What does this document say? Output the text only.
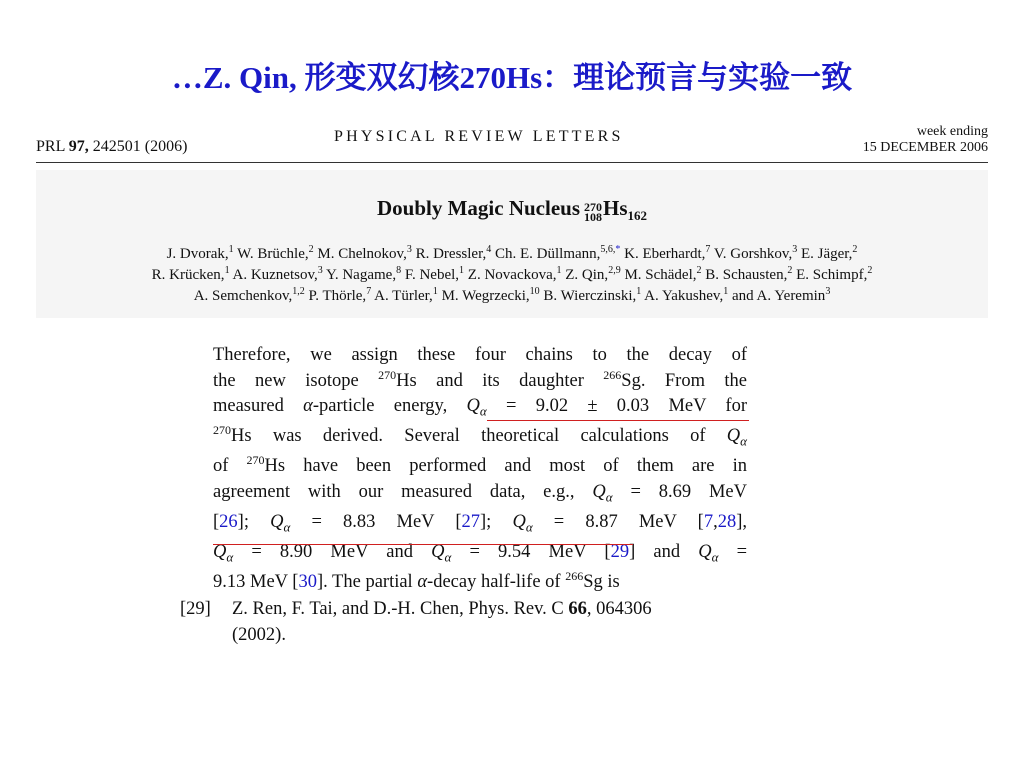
…Z. Qin, 形变双幻核270Hs：理论预言与实验一致
PRL 97, 242501 (2006)
PHYSICAL REVIEW LETTERS	week ending
15 DECEMBER 2006
Doubly Magic Nucleus 270
108 $Hs_{162}$
J. Dvorak,$^1$ W. Brüchle,$^2$ M. Chelnokov,$^3$ R. Dressler,$^4$ Ch. E. Düllmann,$^{5,6,*}$ K. Eberhardt,$^7$ V. Gorshkov,$^3$ E. Jäger,$^2$
R. Krücken,$^1$ A. Kuznetsov,$^3$ Y. Nagame,$^8$ F. Nebel,$^1$ Z. Novackova,$^1$ Z. Qin,$^{2,9}$ M. Schädel,$^2$ B. Schausten,$^2$ E. Schimpf,$^2$
A. Semchenkov,$^{1,2}$ P. Thörle,$^7$ A. Türler,$^1$ M. Wegrzecki,$^{10}$ B. Wierczinski,$^1$ A. Yakushev,$^1$ and A. Yeremin$^3$
Therefore, we assign these four chains to the decay of
the new isotope $^{270}$Hs and its daughter $^{266}$Sg. From the
measured α-particle energy, $Q_\alpha = 9.02 \pm 0.03$ MeV for
$^{270}$Hs was derived. Several theoretical calculations of $Q_\alpha$
of $^{270}$Hs have been performed and most of them are in
agreement with our measured data, e.g., $Q_\alpha = 8.69$ MeV
[26]; $Q_\alpha = 8.83$ MeV [27]; $Q_\alpha = 8.87$ MeV [7,28],
$Q_\alpha = 8.90$ MeV and $Q_\alpha = 9.54$ MeV [29] and $Q_\alpha$ =
9.13 MeV [30]. The partial α-decay half-life of $^{266}$Sg is
[29] Z. Ren, F. Tai, and D.-H. Chen, Phys. Rev. C 66, 064306
(2002).
